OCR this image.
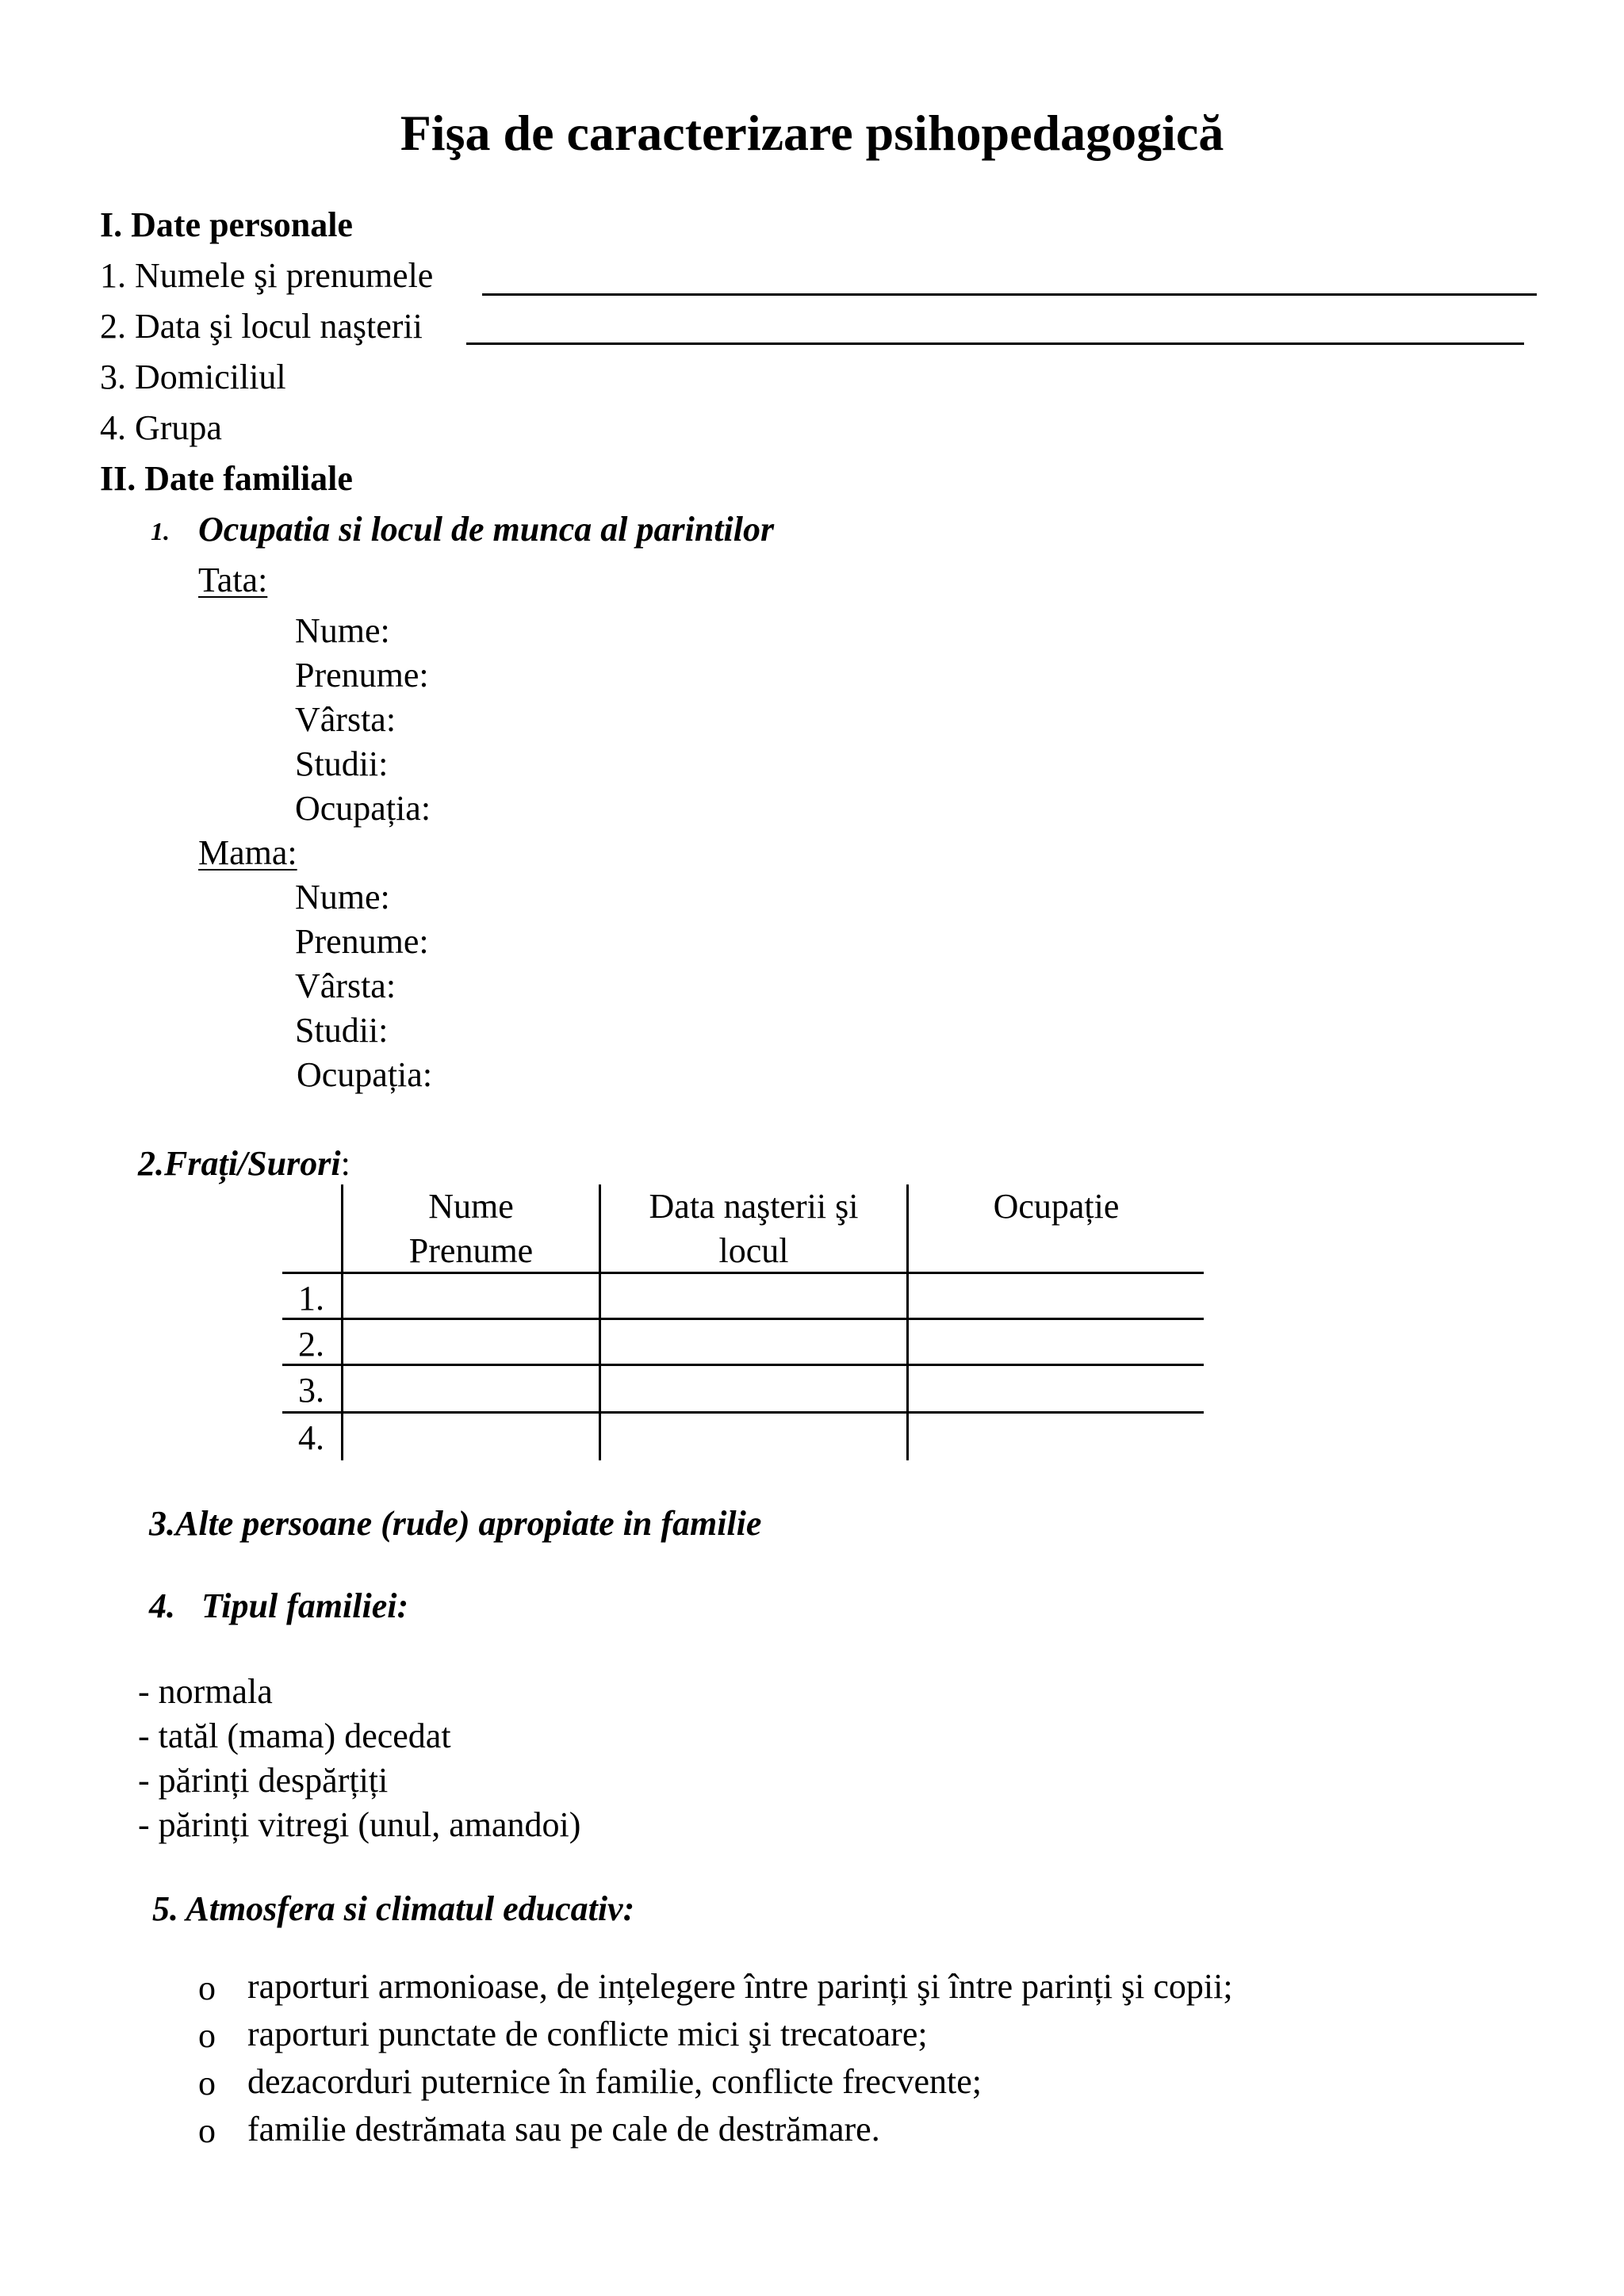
Fişa de caracterizare psihopedagogică
I. Date personale
1. Numele şi prenumele
2. Data şi locul naşterii
3. Domiciliul
4. Grupa
II. Date familiale
1. Ocupatia si locul de munca al parintilor
Tata:
Nume:
Prenume:
Vârsta:
Studii:
Ocupația:
Mama:
Nume:
Prenume:
Vârsta:
Studii:
Ocupația:
2.Frați/Surori:
Nume
Prenume
Data naşterii şi
locul
Ocupație
1.
2.
3.
4.
3.Alte persoane (rude) apropiate in familie
4.   Tipul familiei:
- normala
- tatăl (mama) decedat
- părinți despărțiți
- părinți vitregi (unul, amandoi)
5. Atmosfera si climatul educativ:
o raporturi armonioase, de ințelegere între parinți şi între parinți şi copii;
o raporturi punctate de conflicte mici şi trecatoare;
o dezacorduri puternice în familie, conflicte frecvente;
o familie destrămata sau pe cale de destrămare.
